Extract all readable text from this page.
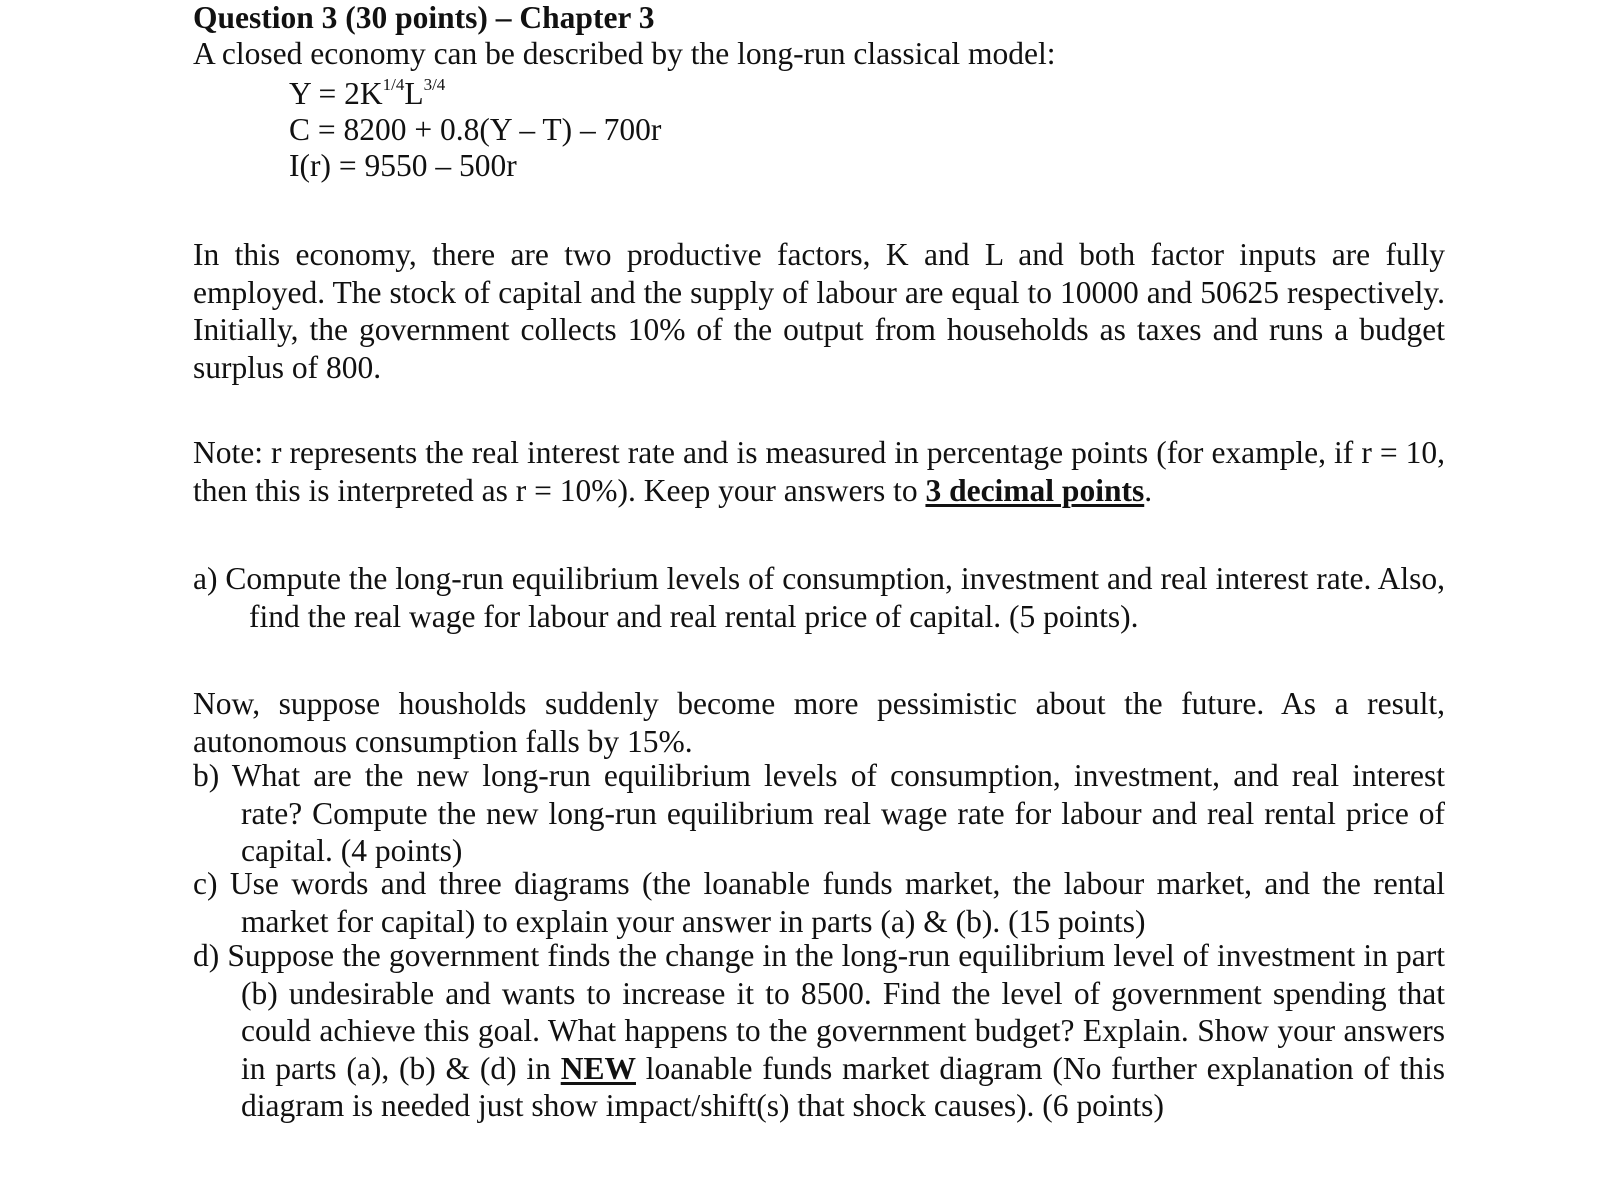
Question 3 (30 points) – Chapter 3
A closed economy can be described by the long-run classical model:
$Y = 2K^{1/4}L^{3/4}$
C = 8200 + 0.8(Y – T) – 700r
I(r) = 9550 – 500r
In this economy, there are two productive factors, K and L and both factor inputs are fully employed. The stock of capital and the supply of labour are equal to 10000 and 50625 respectively. Initially, the government collects 10% of the output from households as taxes and runs a budget surplus of 800.
Note: r represents the real interest rate and is measured in percentage points (for example, if r = 10, then this is interpreted as r = 10%). Keep your answers to 3 decimal points.
a) Compute the long-run equilibrium levels of consumption, investment and real interest rate. Also, find the real wage for labour and real rental price of capital. (5 points).
Now, suppose housholds suddenly become more pessimistic about the future. As a result, autonomous consumption falls by 15%.
b) What are the new long-run equilibrium levels of consumption, investment, and real interest rate? Compute the new long-run equilibrium real wage rate for labour and real rental price of capital. (4 points)
c) Use words and three diagrams (the loanable funds market, the labour market, and the rental market for capital) to explain your answer in parts (a) & (b). (15 points)
d) Suppose the government finds the change in the long-run equilibrium level of investment in part (b) undesirable and wants to increase it to 8500. Find the level of government spending that could achieve this goal. What happens to the government budget? Explain. Show your answers in parts (a), (b) & (d) in NEW loanable funds market diagram (No further explanation of this diagram is needed just show impact/shift(s) that shock causes). (6 points)
